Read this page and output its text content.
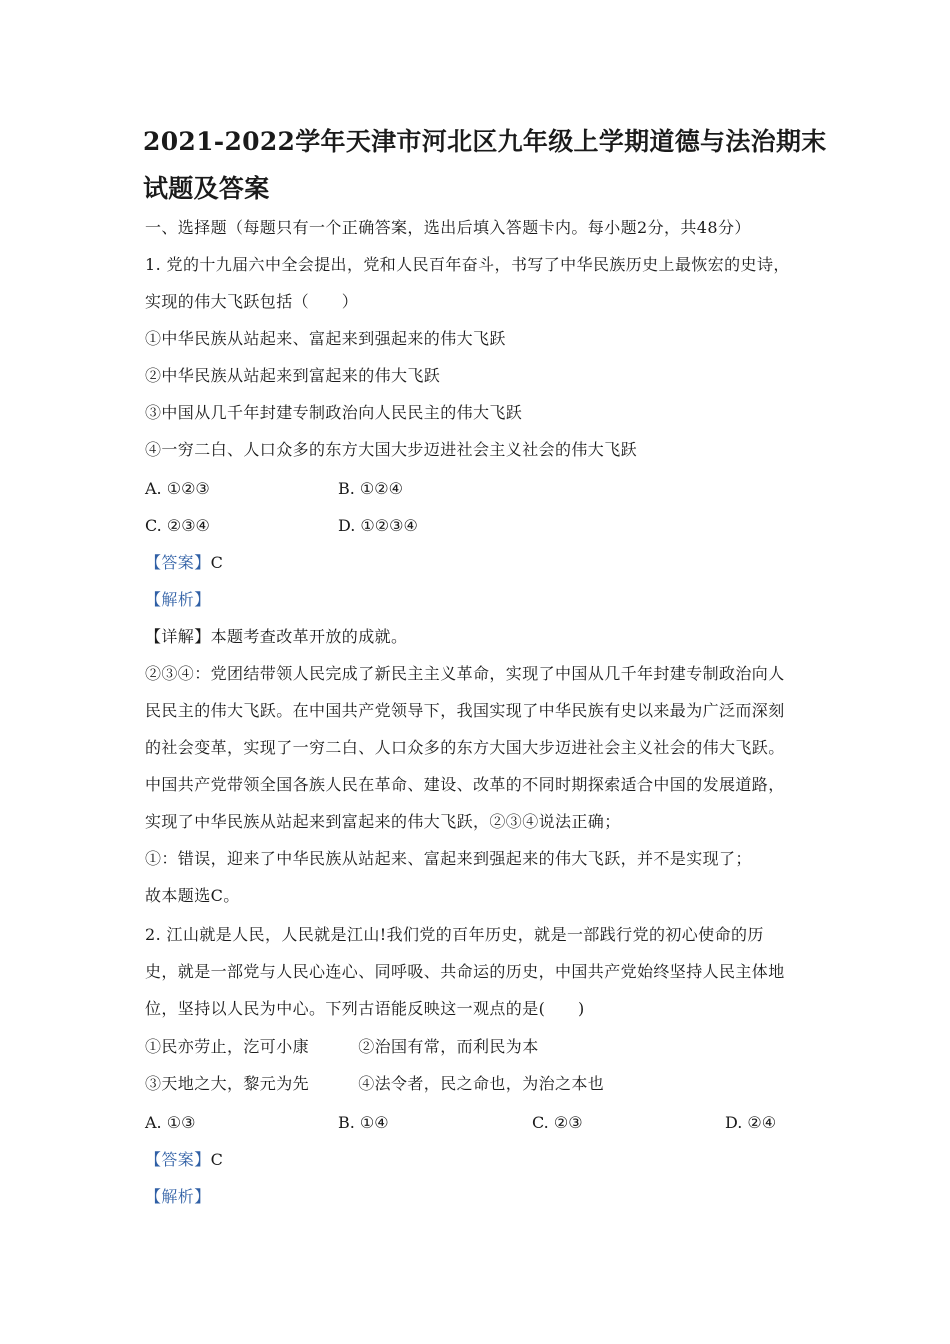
2021-2022学年天津市河北区九年级上学期道德与法治期末
试题及答案
一、选择题（每题只有一个正确答案，选出后填入答题卡内。每小题2分，共48分）
1. 党的十九届六中全会提出，党和人民百年奋斗，书写了中华民族历史上最恢宏的史诗，
实现的伟大飞跃包括（　　）
①中华民族从站起来、富起来到强起来的伟大飞跃
②中华民族从站起来到富起来的伟大飞跃
③中国从几千年封建专制政治向人民民主的伟大飞跃
④一穷二白、人口众多的东方大国大步迈进社会主义社会的伟大飞跃
A. ①②③	B. ①②④
C. ②③④	D. ①②③④
【答案】C
【解析】
【详解】本题考查改革开放的成就。
②③④：党团结带领人民完成了新民主主义革命，实现了中国从几千年封建专制政治向人
民民主的伟大飞跃。在中国共产党领导下，我国实现了中华民族有史以来最为广泛而深刻
的社会变革，实现了一穷二白、人口众多的东方大国大步迈进社会主义社会的伟大飞跃。
中国共产党带领全国各族人民在革命、建设、改革的不同时期探索适合中国的发展道路，
实现了中华民族从站起来到富起来的伟大飞跃，②③④说法正确；
①：错误，迎来了中华民族从站起来、富起来到强起来的伟大飞跃，并不是实现了；
故本题选C。
2. 江山就是人民，人民就是江山!我们党的百年历史，就是一部践行党的初心使命的历
史，就是一部党与人民心连心、同呼吸、共命运的历史，中国共产党始终坚持人民主体地
位，坚持以人民为中心。下列古语能反映这一观点的是(　　)
①民亦劳止，汔可小康　　　②治国有常，而利民为本
③天地之大，黎元为先　　　④法令者，民之命也，为治之本也
A. ①③	B. ①④	C. ②③	D. ②④
【答案】C
【解析】
